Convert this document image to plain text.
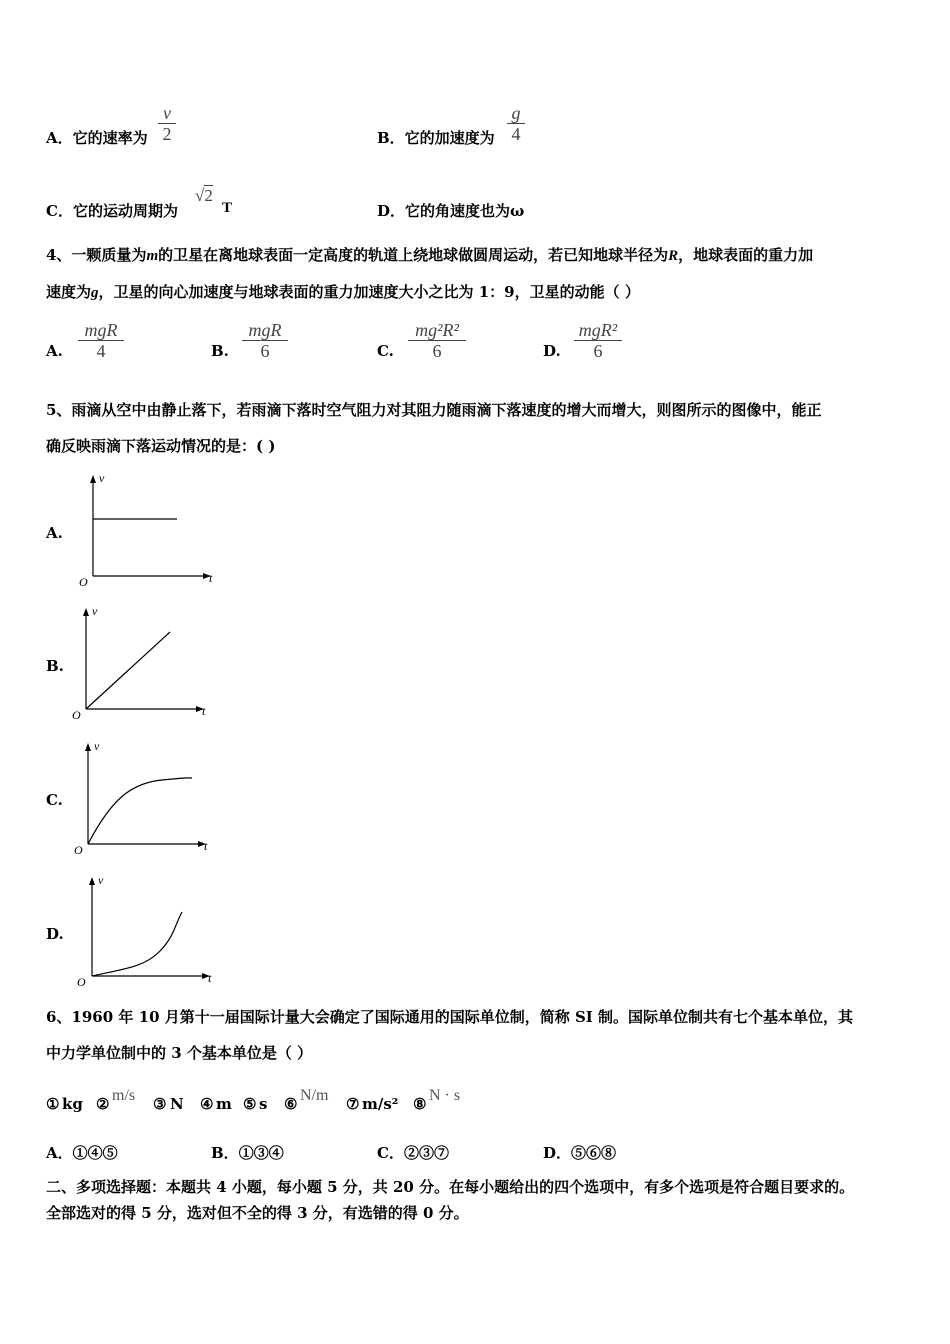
A．它的速率为
v
2	B．它的加速度为
g
4
C．它的运动周期为
√2
T	D．它的角速度也为ω
4、一颗质量为m的卫星在离地球表面一定高度的轨道上绕地球做圆周运动，若已知地球半径为R，地球表面的重力加
速度为g，卫星的向心加速度与地球表面的重力加速度大小之比为 1：9，卫星的动能（ ）
A.
mgR
4	B.
mgR
6	C.
mg²R²
6	D.
mgR²
6
5、雨滴从空中由静止落下，若雨滴下落时空气阻力对其阻力随雨滴下落速度的增大而增大，则图所示的图像中，能正
确反映雨滴下落运动情况的是：( )
A.
v
t
O
B.
v
t
O
C.
v
t
O
D.
v
t
O
6、1960 年 10 月第十一届国际计量大会确定了国际通用的国际单位制，简称 SI 制。国际单位制共有七个基本单位，其
中力学单位制中的 3 个基本单位是（ ）
① kg ② m/s ③ N ④ m ⑤ s ⑥ N/m ⑦ m/s² ⑧ N · s
A．①④⑤	B．①③④	C．②③⑦	D．⑤⑥⑧
二、多项选择题：本题共 4 小题，每小题 5 分，共 20 分。在每小题给出的四个选项中，有多个选项是符合题目要求的。
全部选对的得 5 分，选对但不全的得 3 分，有选错的得 0 分。
